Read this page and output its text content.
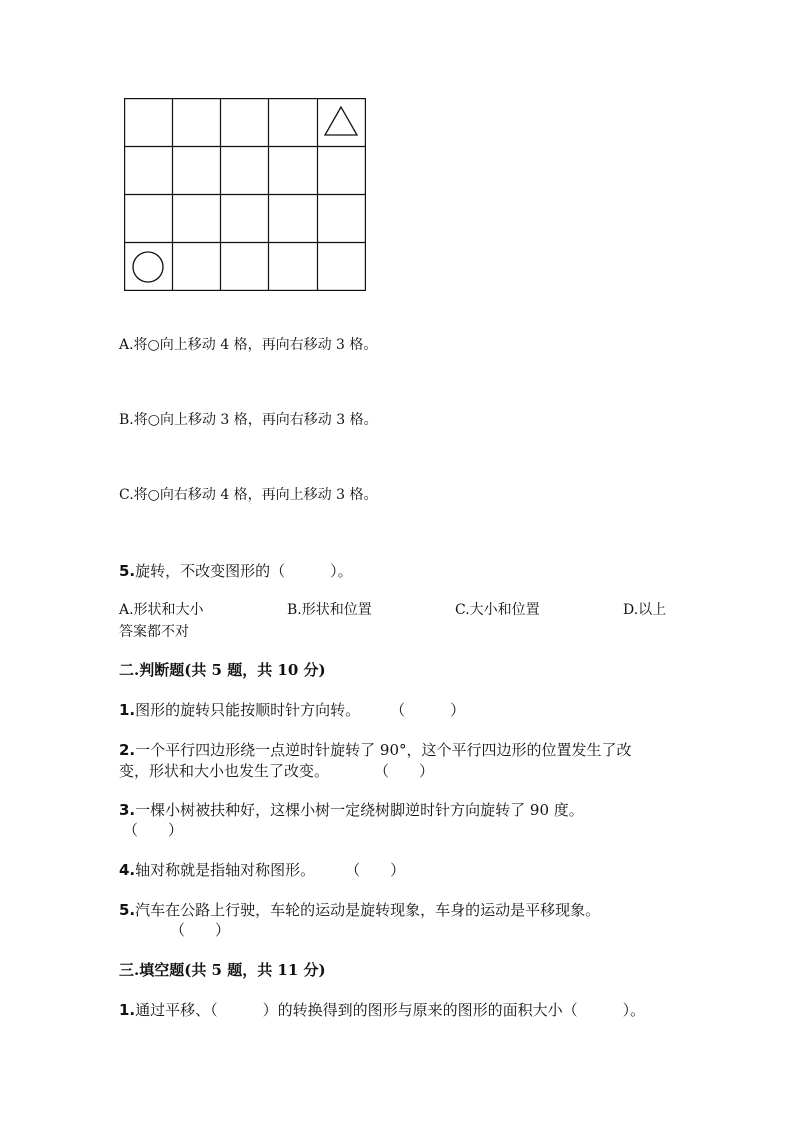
A.将○向上移动 4 格，再向右移动 3 格。
B.将○向上移动 3 格，再向右移动 3 格。
C.将○向右移动 4 格，再向上移动 3 格。
5.旋转，不改变图形的（　　　）。
A.形状和大小	B.形状和位置	C.大小和位置	D.以上
答案都不对
二.判断题(共 5 题，共 10 分)
1.图形的旋转只能按顺时针方向转。　　　（　　　）
2.一个平行四边形绕一点逆时针旋转了 90°，这个平行四边形的位置发生了改
变，形状和大小也发生了改变。　　　　（　　）
3.一棵小树被扶种好，这棵小树一定绕树脚逆时针方向旋转了 90 度。
（　　）
4.轴对称就是指轴对称图形。　　　（　　）
5.汽车在公路上行驶，车轮的运动是旋转现象，车身的运动是平移现象。
（　　）
三.填空题(共 5 题，共 11 分)
1.通过平移、（　　　）的转换得到的图形与原来的图形的面积大小（　　　）。
